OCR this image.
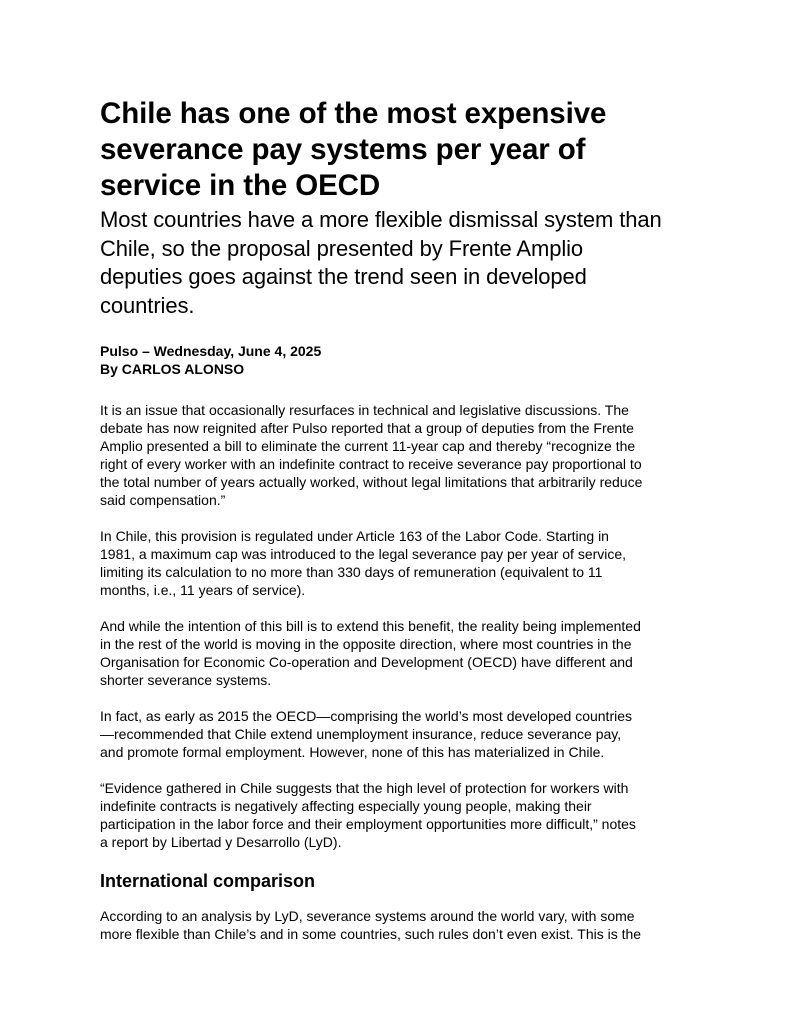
Chile has one of the most expensive
severance pay systems per year of
service in the OECD
Most countries have a more flexible dismissal system than
Chile, so the proposal presented by Frente Amplio
deputies goes against the trend seen in developed
countries.
Pulso – Wednesday, June 4, 2025
By CARLOS ALONSO

It is an issue that occasionally resurfaces in technical and legislative discussions. The
debate has now reignited after Pulso reported that a group of deputies from the Frente
Amplio presented a bill to eliminate the current 11-year cap and thereby “recognize the
right of every worker with an indefinite contract to receive severance pay proportional to
the total number of years actually worked, without legal limitations that arbitrarily reduce
said compensation.”

In Chile, this provision is regulated under Article 163 of the Labor Code. Starting in
1981, a maximum cap was introduced to the legal severance pay per year of service,
limiting its calculation to no more than 330 days of remuneration (equivalent to 11
months, i.e., 11 years of service).

And while the intention of this bill is to extend this benefit, the reality being implemented
in the rest of the world is moving in the opposite direction, where most countries in the
Organisation for Economic Co-operation and Development (OECD) have different and
shorter severance systems.

In fact, as early as 2015 the OECD—comprising the world’s most developed countries
—recommended that Chile extend unemployment insurance, reduce severance pay,
and promote formal employment. However, none of this has materialized in Chile.

“Evidence gathered in Chile suggests that the high level of protection for workers with
indefinite contracts is negatively affecting especially young people, making their
participation in the labor force and their employment opportunities more difficult,” notes
a report by Libertad y Desarrollo (LyD).

International comparison

According to an analysis by LyD, severance systems around the world vary, with some
more flexible than Chile’s and in some countries, such rules don’t even exist. This is the
